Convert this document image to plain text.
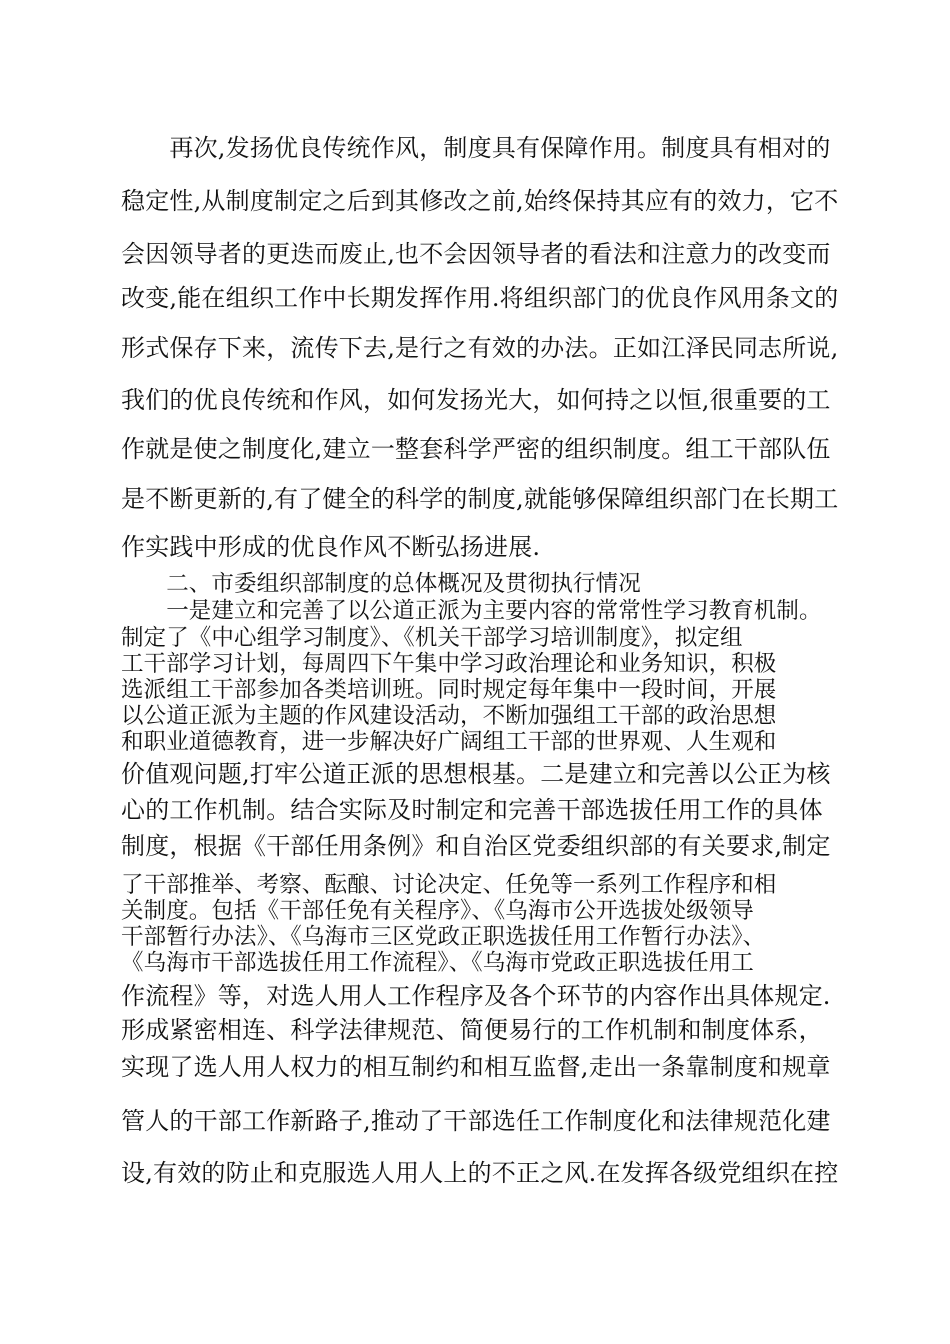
　　再次,发扬优良传统作风，制度具有保障作用。制度具有相对的
稳定性,从制度制定之后到其修改之前,始终保持其应有的效力，它不
会因领导者的更迭而废止,也不会因领导者的看法和注意力的改变而
改变,能在组织工作中长期发挥作用.将组织部门的优良作风用条文的
形式保存下来，流传下去,是行之有效的办法。正如江泽民同志所说,
我们的优良传统和作风，如何发扬光大，如何持之以恒,很重要的工
作就是使之制度化,建立一整套科学严密的组织制度。组工干部队伍
是不断更新的,有了健全的科学的制度,就能够保障组织部门在长期工
作实践中形成的优良作风不断弘扬进展.
　　二、市委组织部制度的总体概况及贯彻执行情况
　　一是建立和完善了以公道正派为主要内容的常常性学习教育机制。
制定了《中心组学习制度》、《机关干部学习培训制度》，拟定组
工干部学习计划，每周四下午集中学习政治理论和业务知识，积极
选派组工干部参加各类培训班。同时规定每年集中一段时间，开展
以公道正派为主题的作风建设活动，不断加强组工干部的政治思想
和职业道德教育，进一步解决好广阔组工干部的世界观、人生观和
价值观问题,打牢公道正派的思想根基。二是建立和完善以公正为核
心的工作机制。结合实际及时制定和完善干部选拔任用工作的具体
制度，根据《干部任用条例》和自治区党委组织部的有关要求,制定
了干部推举、考察、酝酿、讨论决定、任免等一系列工作程序和相
关制度。包括《干部任免有关程序》、《乌海市公开选拔处级领导
干部暂行办法》、《乌海市三区党政正职选拔任用工作暂行办法》、
《乌海市干部选拔任用工作流程》、《乌海市党政正职选拔任用工
作流程》等，对选人用人工作程序及各个环节的内容作出具体规定.
形成紧密相连、科学法律规范、简便易行的工作机制和制度体系，
实现了选人用人权力的相互制约和相互监督,走出一条靠制度和规章
管人的干部工作新路子,推动了干部选任工作制度化和法律规范化建
设,有效的防止和克服选人用人上的不正之风.在发挥各级党组织在控
